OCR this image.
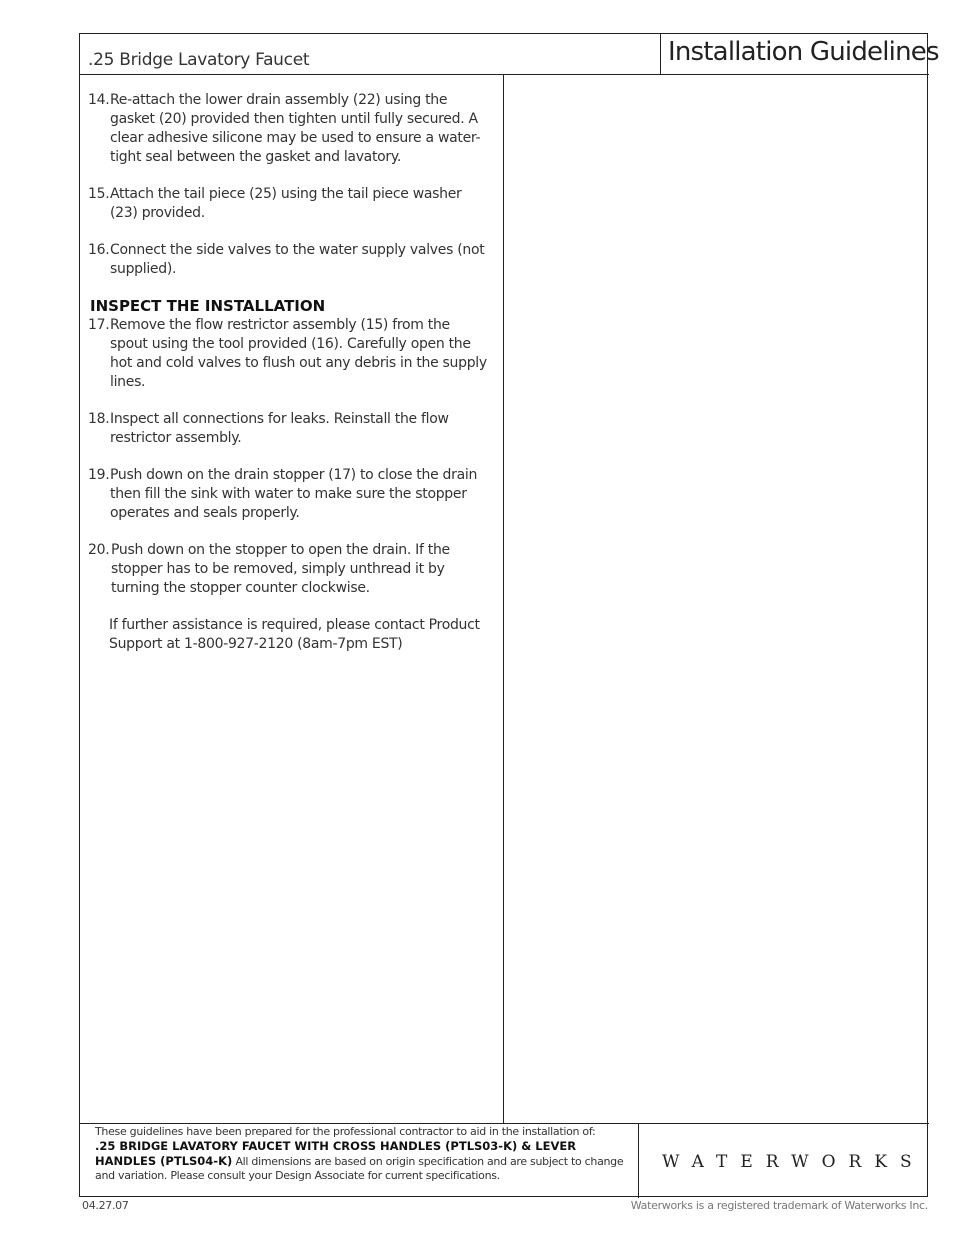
.25 Bridge Lavatory Faucet	Installation Guidelines
14. Re-attach the lower drain assembly (22) using the gasket (20) provided then tighten until fully secured. A clear adhesive silicone may be used to ensure a water-tight seal between the gasket and lavatory.
15. Attach the tail piece (25) using the tail piece washer (23) provided.
16. Connect the side valves to the water supply valves (not supplied).
INSPECT THE INSTALLATION
17. Remove the flow restrictor assembly (15) from the spout using the tool provided (16). Carefully open the hot and cold valves to flush out any debris in the supply lines.
18. Inspect all connections for leaks. Reinstall the flow restrictor assembly.
19. Push down on the drain stopper (17) to close the drain then fill the sink with water to make sure the stopper operates and seals properly.
20. Push down on the stopper to open the drain. If the stopper has to be removed, simply unthread it by turning the stopper counter clockwise.
If further assistance is required, please contact Product Support at 1-800-927-2120 (8am-7pm EST)
These guidelines have been prepared for the professional contractor to aid in the installation of:
.25 BRIDGE LAVATORY FAUCET WITH CROSS HANDLES (PTLS03-K) & LEVER HANDLES (PTLS04-K) All dimensions are based on origin specification and are subject to change and variation. Please consult your Design Associate for current specifications.
WATERWORKS
04.27.07	Waterworks is a registered trademark of Waterworks Inc.
